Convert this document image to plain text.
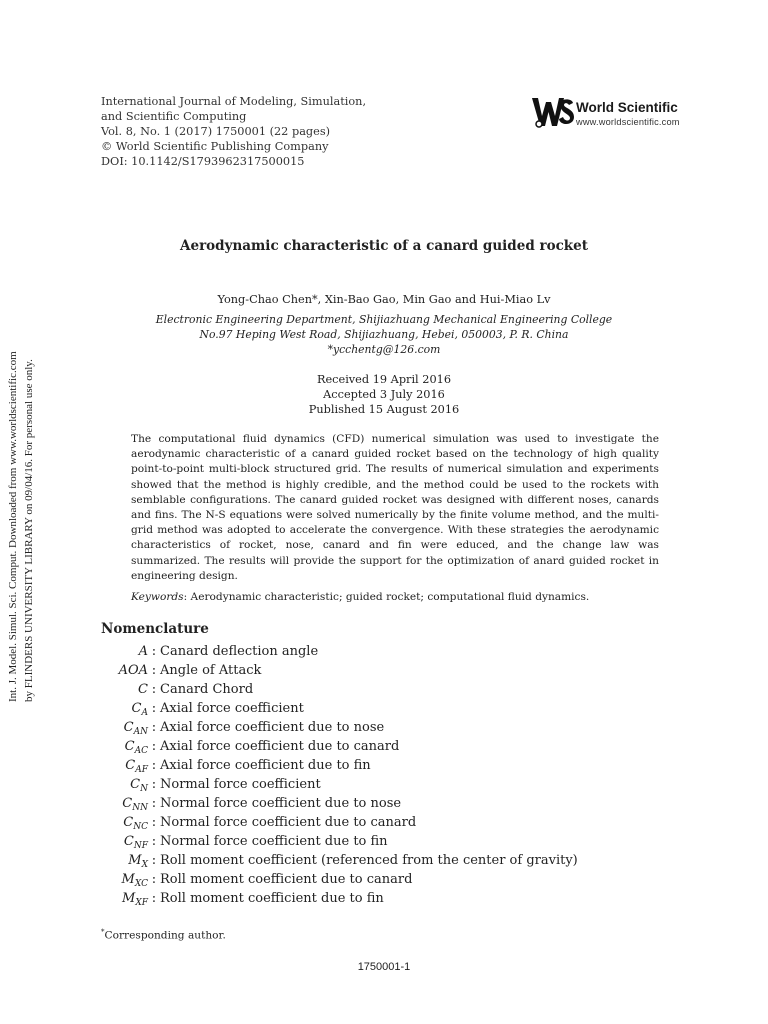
International Journal of Modeling, Simulation,
and Scientific Computing
Vol. 8, No. 1 (2017) 1750001 (22 pages)
© World Scientific Publishing Company
DOI: 10.1142/S1793962317500015
World Scientific
www.worldscientific.com
Int. J. Model. Simul. Sci. Comput. Downloaded from www.worldscientific.com by FLINDERS UNIVERSITY LIBRARY on 09/04/16. For personal use only.
Aerodynamic characteristic of a canard guided rocket
Yong-Chao Chen*, Xin-Bao Gao, Min Gao and Hui-Miao Lv
Electronic Engineering Department, Shijiazhuang Mechanical Engineering College
No.97 Heping West Road, Shijiazhuang, Hebei, 050003, P. R. China
*ycchentg@126.com
Received 19 April 2016
Accepted 3 July 2016
Published 15 August 2016
The computational fluid dynamics (CFD) numerical simulation was used to investigate the aerodynamic characteristic of a canard guided rocket based on the technology of high quality point-to-point multi-block structured grid. The results of numerical simulation and experiments showed that the method is highly credible, and the method could be used to the rockets with semblable configurations. The canard guided rocket was designed with different noses, canards and fins. The N-S equations were solved numerically by the finite volume method, and the multi-grid method was adopted to accelerate the convergence. With these strategies the aerodynamic characteristics of rocket, nose, canard and fin were educed, and the change law was summarized. The results will provide the support for the optimization of anard guided rocket in engineering design.
Keywords: Aerodynamic characteristic; guided rocket; computational fluid dynamics.
Nomenclature
A : Canard deflection angle
AOA : Angle of Attack
C : Canard Chord
$C_A$ : Axial force coefficient
$C_{AN}$ : Axial force coefficient due to nose
$C_{AC}$ : Axial force coefficient due to canard
$C_{AF}$ : Axial force coefficient due to fin
$C_N$ : Normal force coefficient
$C_{NN}$ : Normal force coefficient due to nose
$C_{NC}$ : Normal force coefficient due to canard
$C_{NF}$ : Normal force coefficient due to fin
$M_X$ : Roll moment coefficient (referenced from the center of gravity)
$M_{XC}$ : Roll moment coefficient due to canard
$M_{XF}$ : Roll moment coefficient due to fin
*Corresponding author.
1750001-1
